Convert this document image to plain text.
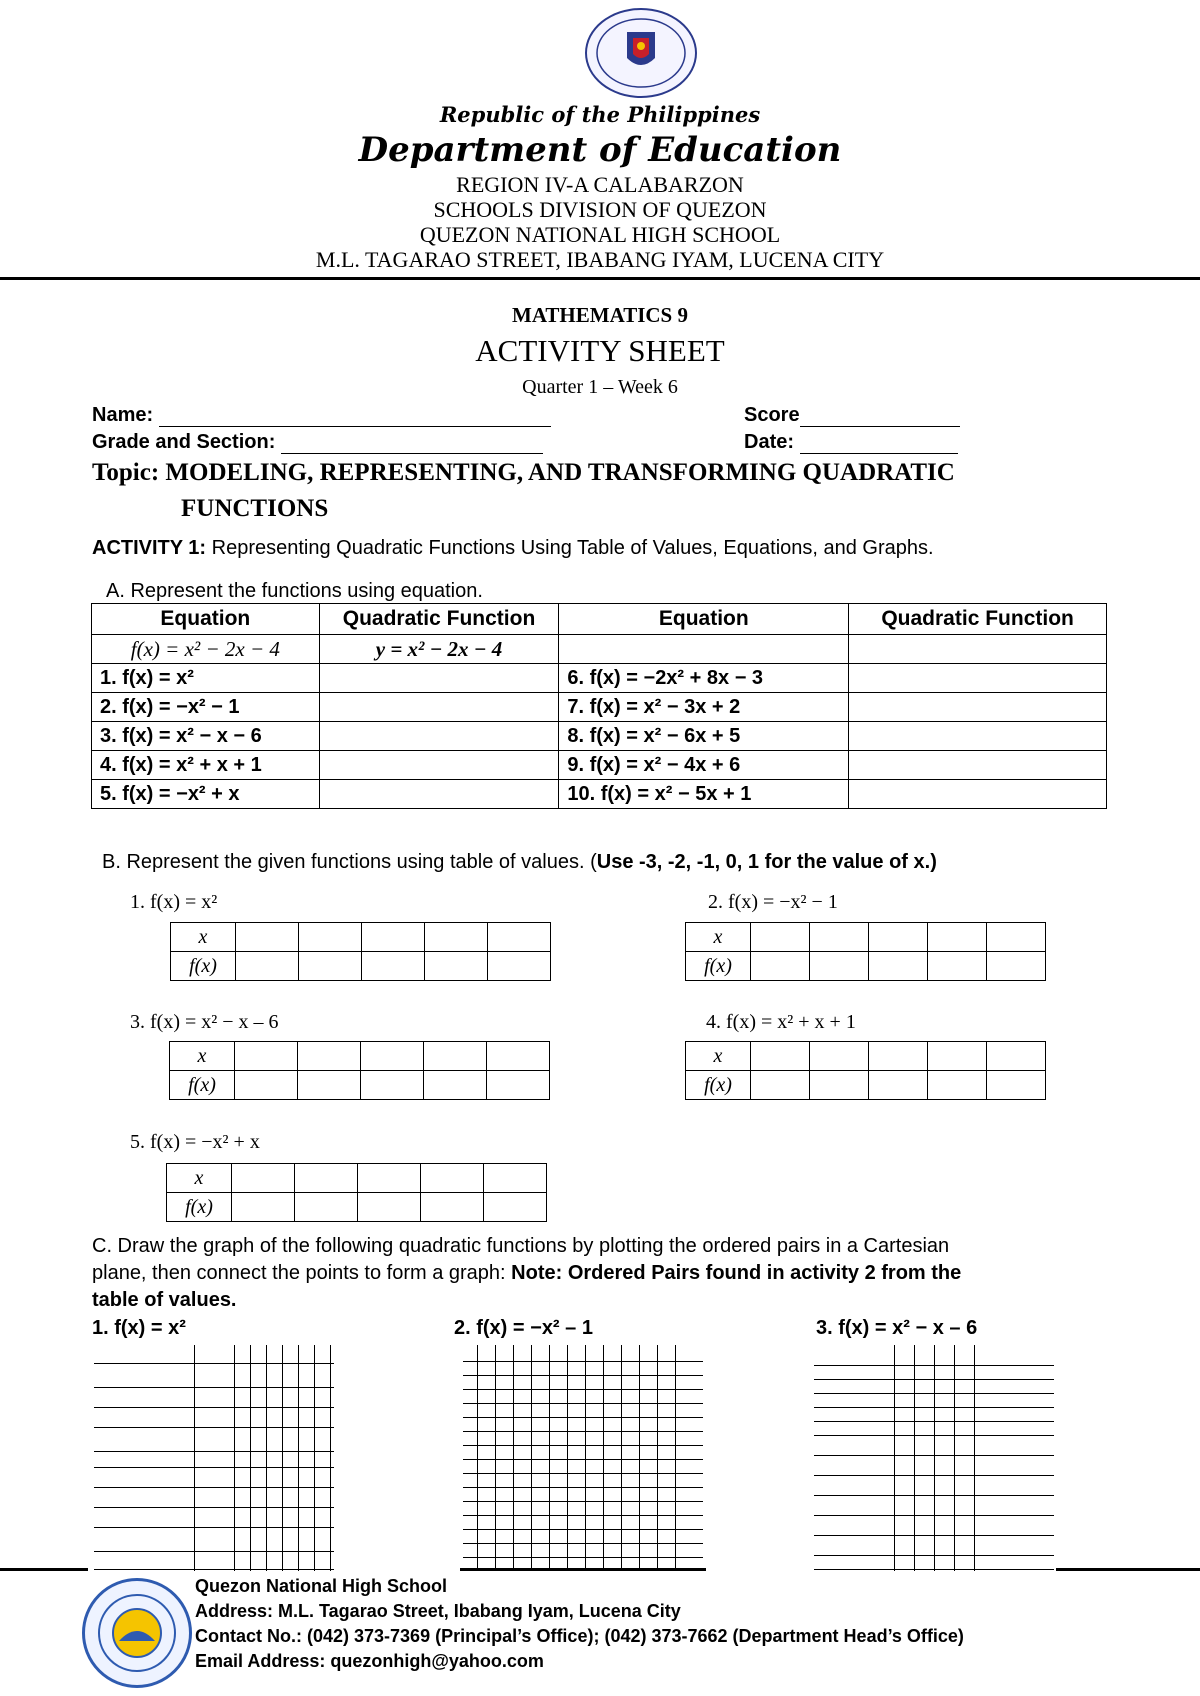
Republic of the Philippines
Department of Education
REGION IV-A CALABARZON
SCHOOLS DIVISION OF QUEZON
QUEZON NATIONAL HIGH SCHOOL
M.L. TAGARAO STREET, IBABANG IYAM, LUCENA CITY
MATHEMATICS 9
ACTIVITY SHEET
Quarter 1 – Week 6
Name:	Score
Grade and Section:	Date:
Topic: MODELING, REPRESENTING, AND TRANSFORMING QUADRATIC
FUNCTIONS
ACTIVITY 1: Representing Quadratic Functions Using Table of Values, Equations, and Graphs.
A. Represent the functions using equation.
Equation	Quadratic Function	Equation	Quadratic Function
f(x) = x² − 2x − 4	y = x² − 2x − 4		
1. f(x) = x²		6. f(x) = −2x² + 8x − 3	
2. f(x) = −x² − 1		7. f(x) = x² − 3x + 2	
3. f(x) = x² − x − 6		8. f(x) = x² − 6x + 5	
4. f(x) = x² + x + 1		9. f(x) = x² − 4x + 6	
5. f(x) = −x² + x		10. f(x) = x² − 5x + 1	
B. Represent the given functions using table of values. (Use -3, -2, -1, 0, 1 for the value of x.)
1. f(x) = x²
x					
f(x)					
2. f(x) = −x² − 1
x					
f(x)					
3. f(x) = x² − x – 6
x					
f(x)					
4. f(x) = x² + x + 1
x					
f(x)					
5. f(x) = −x² + x
x					
f(x)					
C. Draw the graph of the following quadratic functions by plotting the ordered pairs in a Cartesian
plane, then connect the points to form a graph: Note: Ordered Pairs found in activity 2 from the
table of values.
1. f(x) = x²	2. f(x) = −x² – 1	3. f(x) = x² − x – 6
Quezon National High School
Address: M.L. Tagarao Street, Ibabang Iyam, Lucena City
Contact No.: (042) 373-7369 (Principal’s Office); (042) 373-7662 (Department Head’s Office)
Email Address: quezonhigh@yahoo.com
